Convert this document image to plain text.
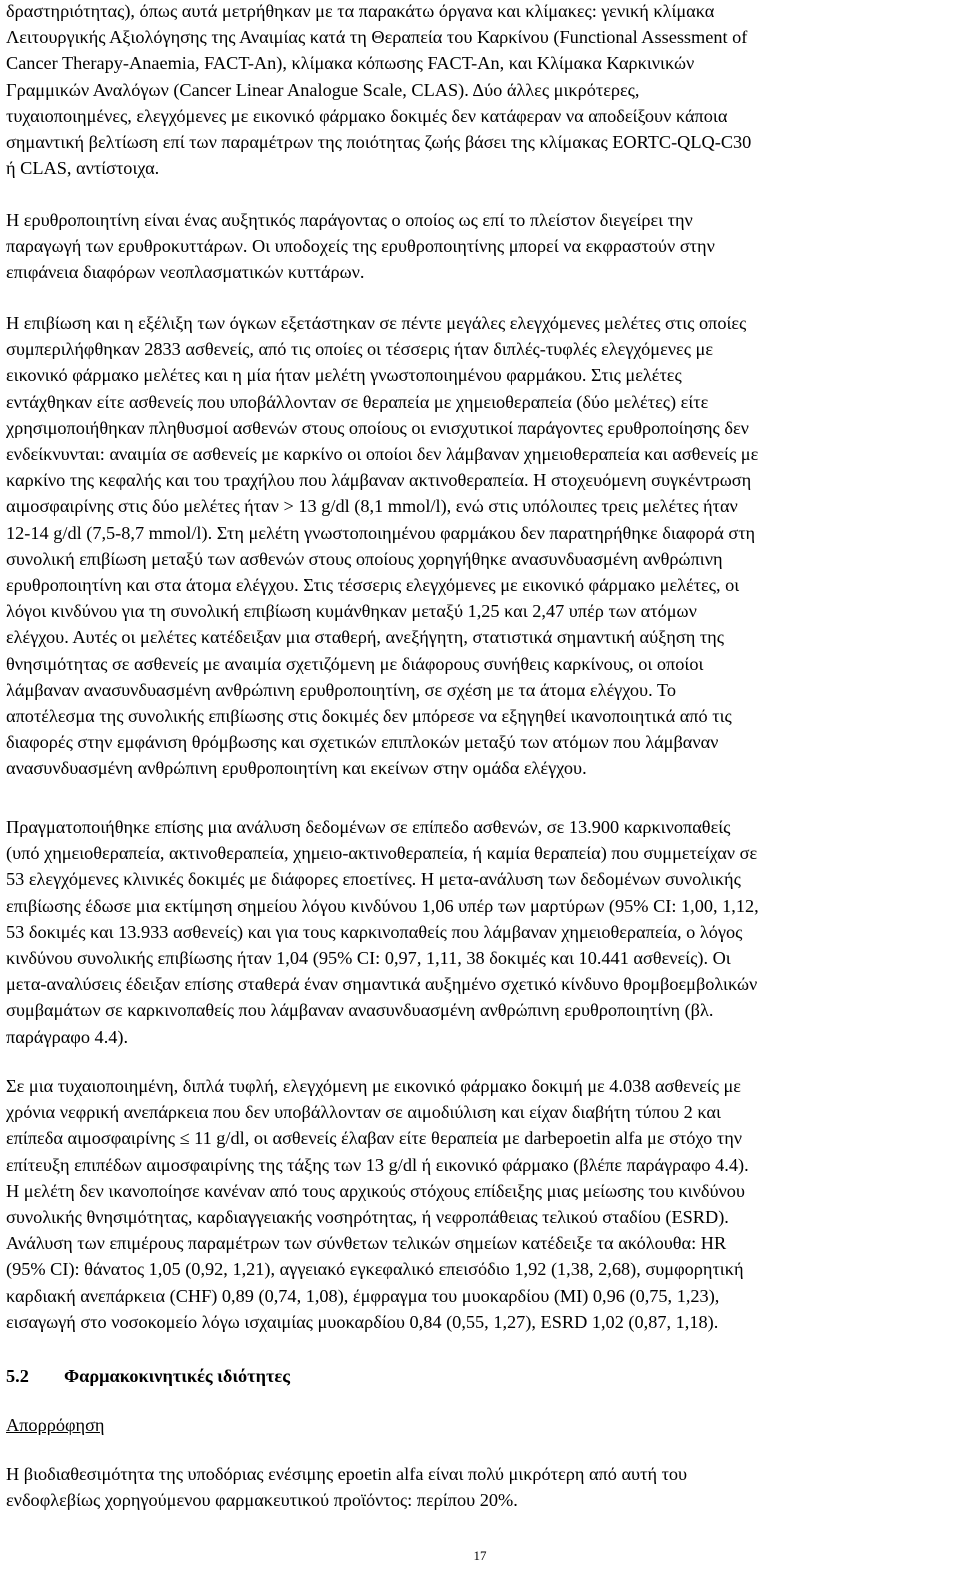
δραστηριότητας), όπως αυτά μετρήθηκαν με τα παρακάτω όργανα και κλίμακες: γενική κλίμακα
Λειτουργικής Αξιολόγησης της Αναιμίας κατά τη Θεραπεία του Καρκίνου (Functional Assessment of
Cancer Therapy-Anaemia, FACT-An), κλίμακα κόπωσης FACT-An, και Κλίμακα Καρκινικών
Γραμμικών Αναλόγων (Cancer Linear Analogue Scale, CLAS). Δύο άλλες μικρότερες,
τυχαιοποιημένες, ελεγχόμενες με εικονικό φάρμακο δοκιμές δεν κατάφεραν να αποδείξουν κάποια
σημαντική βελτίωση επί των παραμέτρων της ποιότητας ζωής βάσει της κλίμακας EORTC-QLQ-C30
ή CLAS, αντίστοιχα.

Η ερυθροποιητίνη είναι ένας αυξητικός παράγοντας ο οποίος ως επί το πλείστον διεγείρει την
παραγωγή των ερυθροκυττάρων. Οι υποδοχείς της ερυθροποιητίνης μπορεί να εκφραστούν στην
επιφάνεια διαφόρων νεοπλασματικών κυττάρων.

Η επιβίωση και η εξέλιξη των όγκων εξετάστηκαν σε πέντε μεγάλες ελεγχόμενες μελέτες στις οποίες
συμπεριλήφθηκαν 2833 ασθενείς, από τις οποίες οι τέσσερις ήταν διπλές-τυφλές ελεγχόμενες με
εικονικό φάρμακο μελέτες και η μία ήταν μελέτη γνωστοποιημένου φαρμάκου. Στις μελέτες
εντάχθηκαν είτε ασθενείς που υποβάλλονταν σε θεραπεία με χημειοθεραπεία (δύο μελέτες) είτε
χρησιμοποιήθηκαν πληθυσμοί ασθενών στους οποίους οι ενισχυτικοί παράγοντες ερυθροποίησης δεν
ενδείκνυνται: αναιμία σε ασθενείς με καρκίνο οι οποίοι δεν λάμβαναν χημειοθεραπεία και ασθενείς με
καρκίνο της κεφαλής και του τραχήλου που λάμβαναν ακτινοθεραπεία. Η στοχευόμενη συγκέντρωση
αιμοσφαιρίνης στις δύο μελέτες ήταν > 13 g/dl (8,1 mmol/l), ενώ στις υπόλοιπες τρεις μελέτες ήταν
12-14 g/dl (7,5-8,7 mmol/l). Στη μελέτη γνωστοποιημένου φαρμάκου δεν παρατηρήθηκε διαφορά στη
συνολική επιβίωση μεταξύ των ασθενών στους οποίους χορηγήθηκε ανασυνδυασμένη ανθρώπινη
ερυθροποιητίνη και στα άτομα ελέγχου. Στις τέσσερις ελεγχόμενες με εικονικό φάρμακο μελέτες, οι
λόγοι κινδύνου για τη συνολική επιβίωση κυμάνθηκαν μεταξύ 1,25 και 2,47 υπέρ των ατόμων
ελέγχου. Αυτές οι μελέτες κατέδειξαν μια σταθερή, ανεξήγητη, στατιστικά σημαντική αύξηση της
θνησιμότητας σε ασθενείς με αναιμία σχετιζόμενη με διάφορους συνήθεις καρκίνους, οι οποίοι
λάμβαναν ανασυνδυασμένη ανθρώπινη ερυθροποιητίνη, σε σχέση με τα άτομα ελέγχου. Το
αποτέλεσμα της συνολικής επιβίωσης στις δοκιμές δεν μπόρεσε να εξηγηθεί ικανοποιητικά από τις
διαφορές στην εμφάνιση θρόμβωσης και σχετικών επιπλοκών μεταξύ των ατόμων που λάμβαναν
ανασυνδυασμένη ανθρώπινη ερυθροποιητίνη και εκείνων στην ομάδα ελέγχου.

Πραγματοποιήθηκε επίσης μια ανάλυση δεδομένων σε επίπεδο ασθενών, σε 13.900 καρκινοπαθείς
(υπό χημειοθεραπεία, ακτινοθεραπεία, χημειο-ακτινοθεραπεία, ή καμία θεραπεία) που συμμετείχαν σε
53 ελεγχόμενες κλινικές δοκιμές με διάφορες εποετίνες. Η μετα-ανάλυση των δεδομένων συνολικής
επιβίωσης έδωσε μια εκτίμηση σημείου λόγου κινδύνου 1,06 υπέρ των μαρτύρων (95% CI: 1,00, 1,12,
53 δοκιμές και 13.933 ασθενείς) και για τους καρκινοπαθείς που λάμβαναν χημειοθεραπεία, ο λόγος
κινδύνου συνολικής επιβίωσης ήταν 1,04 (95% CI: 0,97, 1,11, 38 δοκιμές και 10.441 ασθενείς). Οι
μετα-αναλύσεις έδειξαν επίσης σταθερά έναν σημαντικά αυξημένο σχετικό κίνδυνο θρομβοεμβολικών
συμβαμάτων σε καρκινοπαθείς που λάμβαναν ανασυνδυασμένη ανθρώπινη ερυθροποιητίνη (βλ.
παράγραφο 4.4).

Σε μια τυχαιοποιημένη, διπλά τυφλή, ελεγχόμενη με εικονικό φάρμακο δοκιμή με 4.038 ασθενείς με
χρόνια νεφρική ανεπάρκεια που δεν υποβάλλονταν σε αιμοδιύλιση και είχαν διαβήτη τύπου 2 και
επίπεδα αιμοσφαιρίνης ≤ 11 g/dl, οι ασθενείς έλαβαν είτε θεραπεία με darbepoetin alfa με στόχο την
επίτευξη επιπέδων αιμοσφαιρίνης της τάξης των 13 g/dl ή εικονικό φάρμακο (βλέπε παράγραφο 4.4).
Η μελέτη δεν ικανοποίησε κανέναν από τους αρχικούς στόχους επίδειξης μιας μείωσης του κινδύνου
συνολικής θνησιμότητας, καρδιαγγειακής νοσηρότητας, ή νεφροπάθειας τελικού σταδίου (ESRD).
Ανάλυση των επιμέρους παραμέτρων των σύνθετων τελικών σημείων κατέδειξε τα ακόλουθα: HR
(95% CI): θάνατος 1,05 (0,92, 1,21), αγγειακό εγκεφαλικό επεισόδιο 1,92 (1,38, 2,68), συμφορητική
καρδιακή ανεπάρκεια (CHF) 0,89 (0,74, 1,08), έμφραγμα του μυοκαρδίου (MI) 0,96 (0,75, 1,23),
εισαγωγή στο νοσοκομείο λόγω ισχαιμίας μυοκαρδίου 0,84 (0,55, 1,27), ESRD 1,02 (0,87, 1,18).

5.2 Φαρμακοκινητικές ιδιότητες
Απορρόφηση

Η βιοδιαθεσιμότητα της υποδόριας ενέσιμης epoetin alfa είναι πολύ μικρότερη από αυτή του
ενδοφλεβίως χορηγούμενου φαρμακευτικού προϊόντος: περίπου 20%.

17
